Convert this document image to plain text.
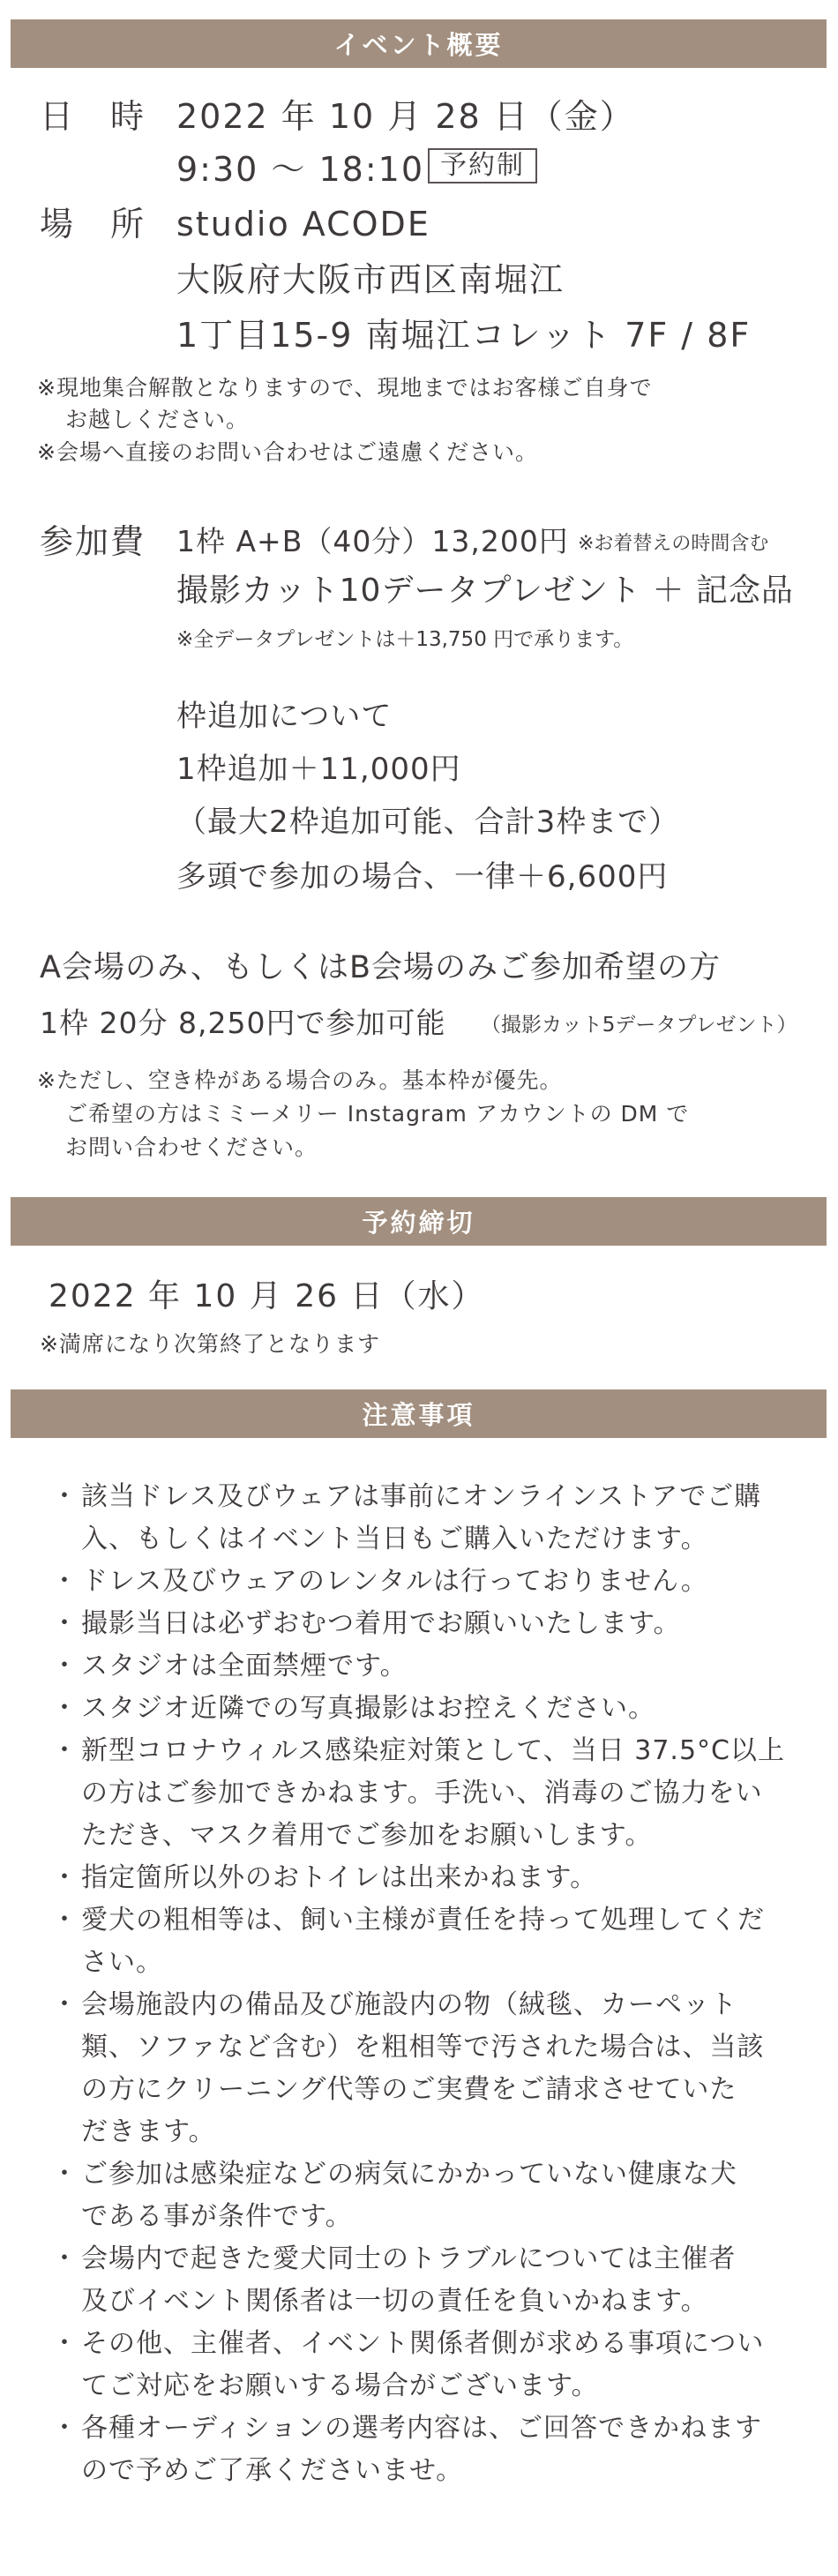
イベント概要
日　時 2022 年 10 月 28 日（金）
9:30 〜 18:10 予約制
場　所 studio ACODE
大阪府大阪市西区南堀江
1丁目15-9 南堀江コレット 7F / 8F
※現地集合解散となりますので、現地まではお客様ご自身で
お越しください。
※会場へ直接のお問い合わせはご遠慮ください。
参加費 1枠 A+B（40分）13,200円 ※お着替えの時間含む
撮影カット10データプレゼント ＋ 記念品
※全データプレゼントは＋13,750 円で承ります。
枠追加について
1枠追加＋11,000円
（最大2枠追加可能、合計3枠まで）
多頭で参加の場合、一律＋6,600円
A会場のみ、もしくはB会場のみご参加希望の方
1枠 20分 8,250円で参加可能 （撮影カット5データプレゼント）
※ただし、空き枠がある場合のみ。基本枠が優先。
ご希望の方はミミーメリー Instagram アカウントの DM で
お問い合わせください。
予約締切
2022 年 10 月 26 日（水）
※満席になり次第終了となります
注意事項
・ 該当ドレス及びウェアは事前にオンラインストアでご購
入、もしくはイベント当日もご購入いただけます。
・ ドレス及びウェアのレンタルは行っておりません。
・ 撮影当日は必ずおむつ着用でお願いいたします。
・ スタジオは全面禁煙です。
・ スタジオ近隣での写真撮影はお控えください。
・ 新型コロナウィルス感染症対策として、当日 37.5°C以上
の方はご参加できかねます。手洗い、消毒のご協力をい
ただき、マスク着用でご参加をお願いします。
・ 指定箇所以外のおトイレは出来かねます。
・ 愛犬の粗相等は、飼い主様が責任を持って処理してくだ
さい。
・ 会場施設内の備品及び施設内の物（絨毯、カーペット
類、ソファなど含む）を粗相等で汚された場合は、当該
の方にクリーニング代等のご実費をご請求させていた
だきます。
・ ご参加は感染症などの病気にかかっていない健康な犬
である事が条件です。
・ 会場内で起きた愛犬同士のトラブルについては主催者
及びイベント関係者は一切の責任を負いかねます。
・ その他、主催者、イベント関係者側が求める事項につい
てご対応をお願いする場合がございます。
・ 各種オーディションの選考内容は、ご回答できかねます
ので予めご了承くださいませ。
